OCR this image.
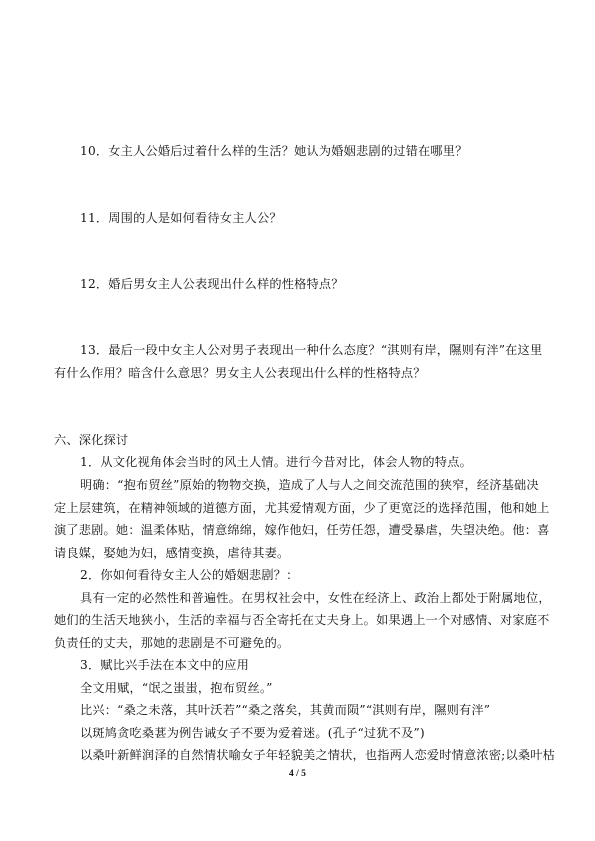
10．女主人公婚后过着什么样的生活？她认为婚姻悲剧的过错在哪里？
11．周围的人是如何看待女主人公？
12．婚后男女主人公表现出什么样的性格特点？
13．最后一段中女主人公对男子表现出一种什么态度？“淇则有岸，隰则有泮”在这里
有什么作用？暗含什么意思？男女主人公表现出什么样的性格特点？
六、深化探讨
1．从文化视角体会当时的风土人情。进行今昔对比，体会人物的特点。
明确：“抱布贸丝”原始的物物交换，造成了人与人之间交流范围的狭窄，经济基础决
定上层建筑，在精神领域的道德方面，尤其爱情观方面，少了更宽泛的选择范围，他和她上
演了悲剧。她：温柔体贴，情意绵绵，嫁作他妇，任劳任怨，遭受暴虐，失望决绝。他：喜
请良媒，娶她为妇，感情变换，虐待其妻。
2．你如何看待女主人公的婚姻悲剧？：
具有一定的必然性和普遍性。在男权社会中，女性在经济上、政治上都处于附属地位，
她们的生活天地狭小，生活的幸福与否全寄托在丈夫身上。如果遇上一个对感情、对家庭不
负责任的丈夫，那她的悲剧是不可避免的。
3．赋比兴手法在本文中的应用
全文用赋，“氓之蚩蚩，抱布贸丝。”
比兴：“桑之未落，其叶沃若”“桑之落矣，其黄而陨”“淇则有岸，隰则有泮”
以斑鸠贪吃桑葚为例告诫女子不要为爱着迷。(孔子“过犹不及”)
以桑叶新鲜润泽的自然情状喻女子年轻貌美之情状，也指两人恋爱时情意浓密;以桑叶枯
4 / 5
